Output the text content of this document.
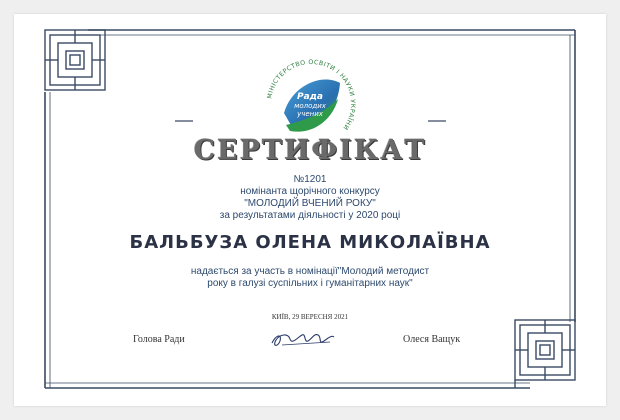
МІНІСТЕРСТВО ОСВІТИ І НАУКИ УКРАЇНИ
Рада
молодих
учених
СЕРТИФІКАТ
№1201
номінанта щорічного конкурсу
"МОЛОДИЙ ВЧЕНИЙ РОКУ"
за результатами діяльності у 2020 році
БАЛЬБУЗА ОЛЕНА МИКОЛАЇВНА
надається за участь в номінації"Молодий методист
року в галузі суспільних і гуманітарних наук"
КИЇВ, 29 ВЕРЕСНЯ 2021
Голова Ради	Олеся Ващук
